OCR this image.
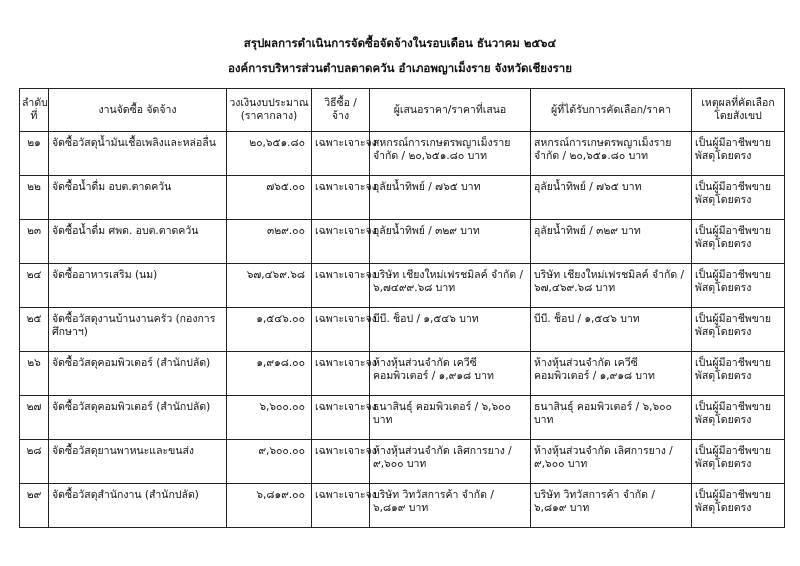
สรุปผลการดำเนินการจัดซื้อจัดจ้างในรอบเดือน ธันวาคม ๒๕๖๔
องค์การบริหารส่วนตำบลตาดควัน อำเภอพญาเม็งราย จังหวัดเชียงราย
ลำดับที่	งานจัดซื้อ จัดจ้าง	วงเงินงบประมาณ (ราคากลาง)	วิธีซื้อ / จ้าง	ผู้เสนอราคา/ราคาที่เสนอ	ผู้ที่ได้รับการคัดเลือก/ราคา	เหตุผลที่คัดเลือกโดยสังเขป
๒๑	จัดซื้อวัสดุน้ำมันเชื้อเพลิงและหล่อลื่น	๒๐,๖๕๑.๘๐	เฉพาะเจาะจง	สหกรณ์การเกษตรพญาเม็งราย จำกัด / ๒๐,๖๕๑.๘๐ บาท	สหกรณ์การเกษตรพญาเม็งราย จำกัด / ๒๐,๖๕๑.๘๐ บาท	เป็นผู้มีอาชีพขายพัสดุโดยตรง
๒๒	จัดซื้อน้ำดื่ม อบต.ตาดควัน	๗๖๕.๐๐	เฉพาะเจาะจง	อุลัยน้ำทิพย์ / ๗๖๕ บาท	อุลัยน้ำทิพย์ / ๗๖๕ บาท	เป็นผู้มีอาชีพขายพัสดุโดยตรง
๒๓	จัดซื้อน้ำดื่ม ศพด. อบต.ตาดควัน	๓๒๙.๐๐	เฉพาะเจาะจง	อุลัยน้ำทิพย์ / ๓๒๙ บาท	อุลัยน้ำทิพย์ / ๓๒๙ บาท	เป็นผู้มีอาชีพขายพัสดุโดยตรง
๒๔	จัดซื้ออาหารเสริม (นม)	๖๗,๔๖๙.๖๘	เฉพาะเจาะจง	บริษัท เชียงใหม่เฟรชมิลค์ จำกัด / ๖,๗๔๙๙.๖๘ บาท	บริษัท เชียงใหม่เฟรชมิลค์ จำกัด / ๖๗,๔๖๙.๖๘ บาท	เป็นผู้มีอาชีพขายพัสดุโดยตรง
๒๕	จัดซื้อวัสดุงานบ้านงานครัว (กองการศึกษาฯ)	๑,๕๔๖.๐๐	เฉพาะเจาะจง	บีบี. ช็อป / ๑,๕๔๖ บาท	บีบี. ช็อป / ๑,๕๔๖ บาท	เป็นผู้มีอาชีพขายพัสดุโดยตรง
๒๖	จัดซื้อวัสดุคอมพิวเตอร์ (สำนักปลัด)	๑,๙๑๘.๐๐	เฉพาะเจาะจง	ห้างหุ้นส่วนจำกัด เควีซี คอมพิวเตอร์ / ๑,๙๑๘ บาท	ห้างหุ้นส่วนจำกัด เควีซี คอมพิวเตอร์ / ๑,๙๑๘ บาท	เป็นผู้มีอาชีพขายพัสดุโดยตรง
๒๗	จัดซื้อวัสดุคอมพิวเตอร์ (สำนักปลัด)	๖,๖๐๐.๐๐	เฉพาะเจาะจง	ธนาสินธุ์ คอมพิวเตอร์ / ๖,๖๐๐ บาท	ธนาสินธุ์ คอมพิวเตอร์ / ๖,๖๐๐ บาท	เป็นผู้มีอาชีพขายพัสดุโดยตรง
๒๘	จัดซื้อวัสดุยานพาหนะและขนส่ง	๙,๖๐๐.๐๐	เฉพาะเจาะจง	ห้างหุ้นส่วนจำกัด เลิศการยาง / ๙,๖๐๐ บาท	ห้างหุ้นส่วนจำกัด เลิศการยาง / ๙,๖๐๐ บาท	เป็นผู้มีอาชีพขายพัสดุโดยตรง
๒๙	จัดซื้อวัสดุสำนักงาน (สำนักปลัด)	๖,๘๑๙.๐๐	เฉพาะเจาะจง	บริษัท วิทวัสการค้า จำกัด / ๖,๘๑๙ บาท	บริษัท วิทวัสการค้า จำกัด / ๖,๘๑๙ บาท	เป็นผู้มีอาชีพขายพัสดุโดยตรง
